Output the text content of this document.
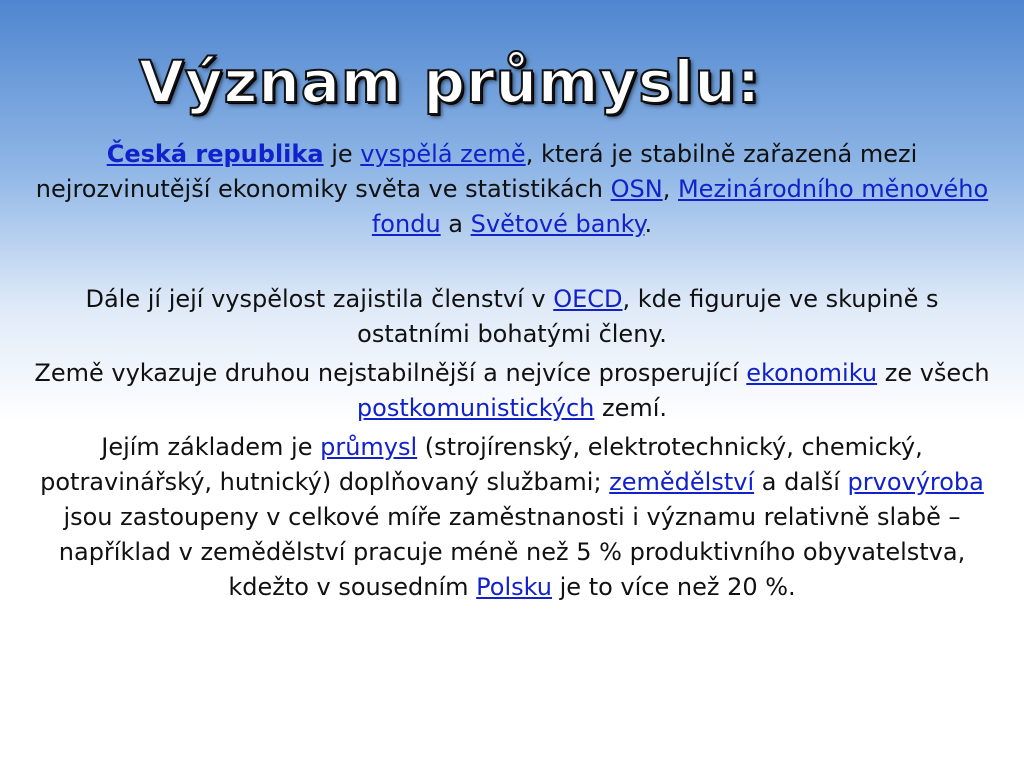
Význam průmyslu:

Česká republika je vyspělá země, která je stabilně zařazená mezi nejrozvinutější ekonomiky světa ve statistikách OSN, Mezinárodního měnového fondu a Světové banky.

Dále jí její vyspělost zajistila členství v OECD, kde figuruje ve skupině s ostatními bohatými členy.

Země vykazuje druhou nejstabilnější a nejvíce prosperující ekonomiku ze všech postkomunistických zemí.

Jejím základem je průmysl (strojírenský, elektrotechnický, chemický, potravinářský, hutnický) doplňovaný službami; zemědělství a další prvovýroba jsou zastoupeny v celkové míře zaměstnanosti i významu relativně slabě – například v zemědělství pracuje méně než 5 % produktivního obyvatelstva, kdežto v sousedním Polsku je to více než 20 %.
